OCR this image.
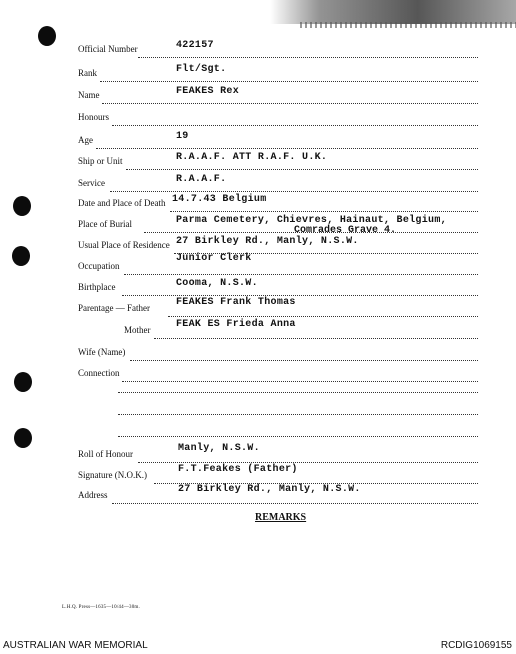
Official Number	422157
Rank	Flt/Sgt.
Name	FEAKES Rex
Honours
Age	19
Ship or Unit	R.A.A.F. ATT R.A.F. U.K.
Service	R.A.A.F.
Date and Place of Death 14.7.43 Belgium
Place of Burial	Parma Cemetery, Chievres, Hainaut, Belgium,
Comrades Grave 4.
Usual Place of Residence 27 Birkley Rd., Manly, N.S.W.
Occupation
Junior Clerk
Birthplace	Cooma, N.S.W.
Parentage — Father	FEAKES Frank Thomas
Mother	FEAK ES Frieda Anna
Wife (Name)
Connection
Roll of Honour	Manly, N.S.W.
Signature (N.O.K.)	F.T.Feakes (Father)
Address	27 Birkley Rd., Manly, N.S.W.
REMARKS
L.H.Q. Press—1635—10/44—30m.
AUSTRALIAN WAR MEMORIAL	RCDIG1069155
